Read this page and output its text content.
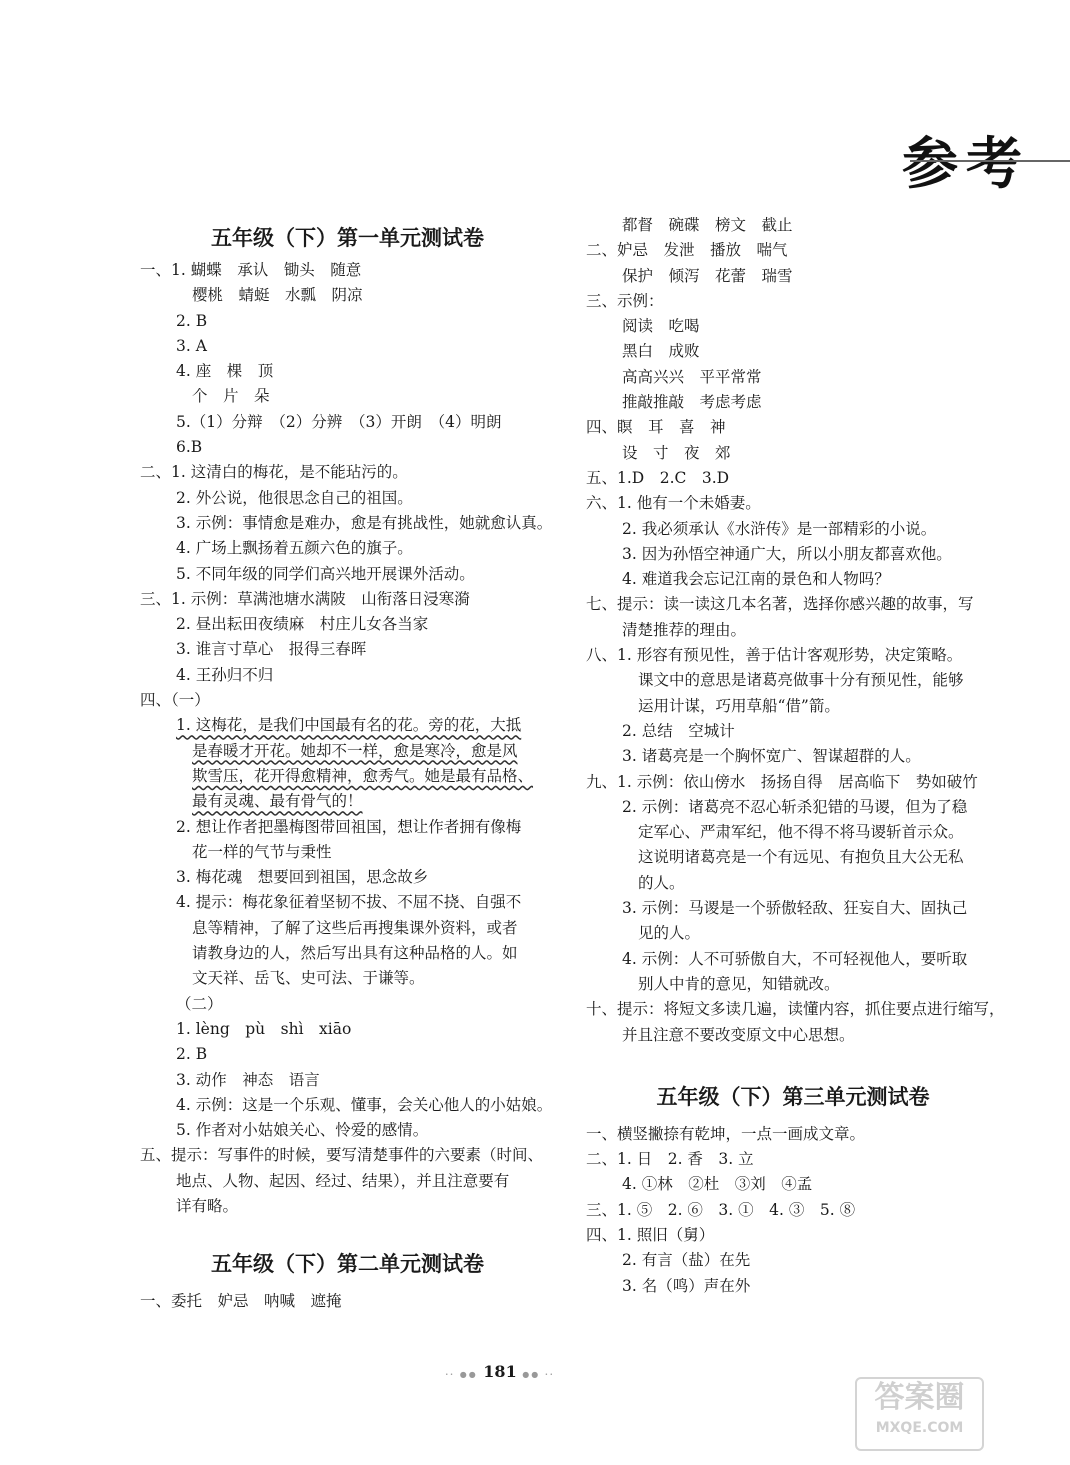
参考
五年级（下）第一单元测试卷
一、1. 蝴蝶　承认　锄头　随意
樱桃　蜻蜓　水瓢　阴凉
2. B
3. A
4. 座　棵　顶
个　片　朵
5.（1）分辩　（2）分辨　（3）开朗　（4）明朗
6.B
二、1. 这清白的梅花，是不能玷污的。
2. 外公说，他很思念自己的祖国。
3. 示例：事情愈是难办，愈是有挑战性，她就愈认真。
4. 广场上飘扬着五颜六色的旗子。
5. 不同年级的同学们高兴地开展课外活动。
三、1. 示例：草满池塘水满陂　山衔落日浸寒漪
2. 昼出耘田夜绩麻　村庄儿女各当家
3. 谁言寸草心　报得三春晖
4. 王孙归不归
四、（一）
1. 这梅花，是我们中国最有名的花。旁的花，大抵
是春暖才开花。她却不一样，愈是寒冷，愈是风
欺雪压，花开得愈精神，愈秀气。她是最有品格、
最有灵魂、最有骨气的！
2. 想让作者把墨梅图带回祖国，想让作者拥有像梅
花一样的气节与秉性
3. 梅花魂　想要回到祖国，思念故乡
4. 提示：梅花象征着坚韧不拔、不屈不挠、自强不
息等精神，了解了这些后再搜集课外资料，或者
请教身边的人，然后写出具有这种品格的人。如
文天祥、岳飞、史可法、于谦等。
（二）
1. lèng　pù　shì　xiāo
2. B
3. 动作　神态　语言
4. 示例：这是一个乐观、懂事，会关心他人的小姑娘。
5. 作者对小姑娘关心、怜爱的感情。
五、提示：写事件的时候，要写清楚事件的六要素（时间、
地点、人物、起因、经过、结果），并且注意要有
详有略。
五年级（下）第二单元测试卷
一、委托　妒忌　呐喊　遮掩
都督　碗碟　榜文　截止
二、妒忌　发泄　播放　喘气
保护　倾泻　花蕾　瑞雪
三、示例：
阅读　吃喝
黑白　成败
高高兴兴　平平常常
推敲推敲　考虑考虑
四、瞑　耳　喜　神
设　寸　夜　郊
五、1.D　2.C　3.D
六、1. 他有一个未婚妻。
2. 我必须承认《水浒传》是一部精彩的小说。
3. 因为孙悟空神通广大，所以小朋友都喜欢他。
4. 难道我会忘记江南的景色和人物吗？
七、提示：读一读这几本名著，选择你感兴趣的故事，写
清楚推荐的理由。
八、1. 形容有预见性，善于估计客观形势，决定策略。
课文中的意思是诸葛亮做事十分有预见性，能够
运用计谋，巧用草船“借”箭。
2. 总结　空城计
3. 诸葛亮是一个胸怀宽广、智谋超群的人。
九、1. 示例：依山傍水　扬扬自得　居高临下　势如破竹
2. 示例：诸葛亮不忍心斩杀犯错的马谡，但为了稳
定军心、严肃军纪，他不得不将马谡斩首示众。
这说明诸葛亮是一个有远见、有抱负且大公无私
的人。
3. 示例：马谡是一个骄傲轻敌、狂妄自大、固执己
见的人。
4. 示例：人不可骄傲自大，不可轻视他人，要听取
别人中肯的意见，知错就改。
十、提示：将短文多读几遍，读懂内容，抓住要点进行缩写，
并且注意不要改变原文中心思想。
五年级（下）第三单元测试卷
一、横竖撇捺有乾坤，一点一画成文章。
二、1. 日　2. 香　3. 立
4. ①林　②杜　③刘　④孟
三、1. ⑤　2. ⑥　3. ①　4. ③　5. ⑧
四、1. 照旧（舅）
2. 有言（盐）在先
3. 名（鸣）声在外
·· ●● 181 ●● ··
答案圈
MXQE.COM
